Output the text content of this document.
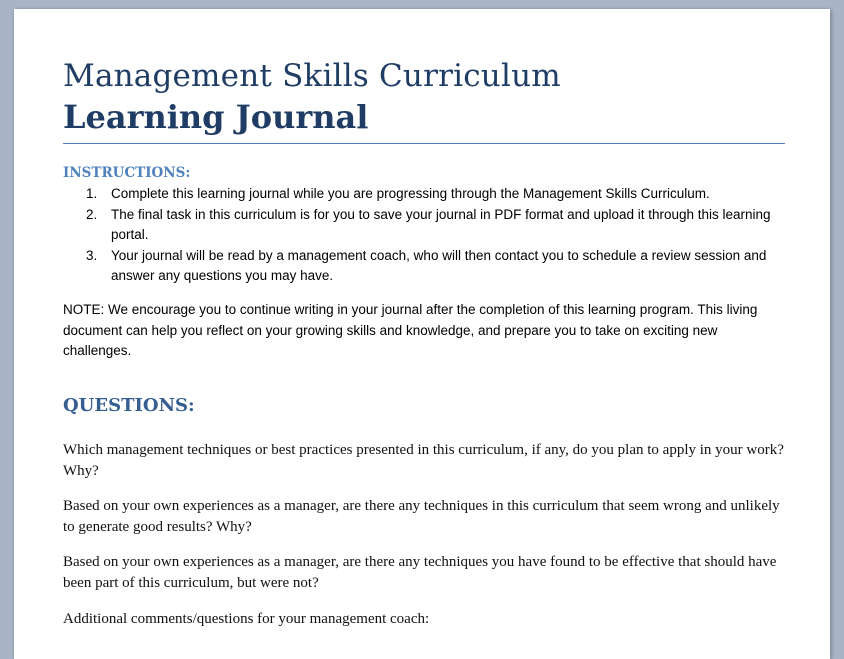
Management Skills Curriculum
Learning Journal
INSTRUCTIONS:
1. Complete this learning journal while you are progressing through the Management Skills Curriculum.
2. The final task in this curriculum is for you to save your journal in PDF format and upload it through this learning portal.
3. Your journal will be read by a management coach, who will then contact you to schedule a review session and answer any questions you may have.

NOTE: We encourage you to continue writing in your journal after the completion of this learning program. This living document can help you reflect on your growing skills and knowledge, and prepare you to take on exciting new challenges.

QUESTIONS:

Which management techniques or best practices presented in this curriculum, if any, do you plan to apply in your work? Why?

Based on your own experiences as a manager, are there any techniques in this curriculum that seem wrong and unlikely to generate good results? Why?

Based on your own experiences as a manager, are there any techniques you have found to be effective that should have been part of this curriculum, but were not?

Additional comments/questions for your management coach:
